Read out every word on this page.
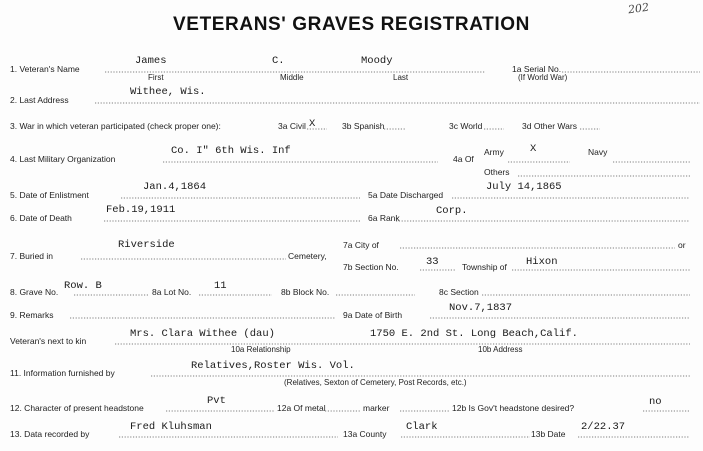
VETERANS' GRAVES REGISTRATION
202
1. Veteran's Name
James	C.	Moody
First	Middle	Last
1a Serial No.
(If World War)
2. Last Address
Withee, Wis.
3. War in which veteran participated (check proper one):	3a Civil X	3b Spanish	3c World	3d Other Wars
4. Last Military Organization
Co. I" 6th Wis. Inf
4a Of
Army X	Navy
Others
5. Date of Enlistment
Jan.4,1864
5a Date Discharged
July 14,1865
6. Date of Death
Feb.19,1911
6a Rank
Corp.
7. Buried in
Riverside
Cemetery,
7a City of	or
7b Section No.	33	Township of Hixon
8. Grave No. Row. B	8a Lot No. 11	8b Block No.	8c Section
9. Remarks	9a Date of Birth
Nov.7,1837
Veteran's next to kin
Mrs. Clara Withee (dau)	1750 E. 2nd St. Long Beach,Calif.
10a Relationship	10b Address
11. Information furnished by
Relatives,Roster Wis. Vol.
(Relatives, Sexton of Cemetery, Post Records, etc.)
12. Character of present headstone
Pvt
12a Of metal	marker	12b Is Gov't headstone desired?	no
13. Data recorded by
Fred Kluhsman
13a County
Clark
13b Date
2/22.37
